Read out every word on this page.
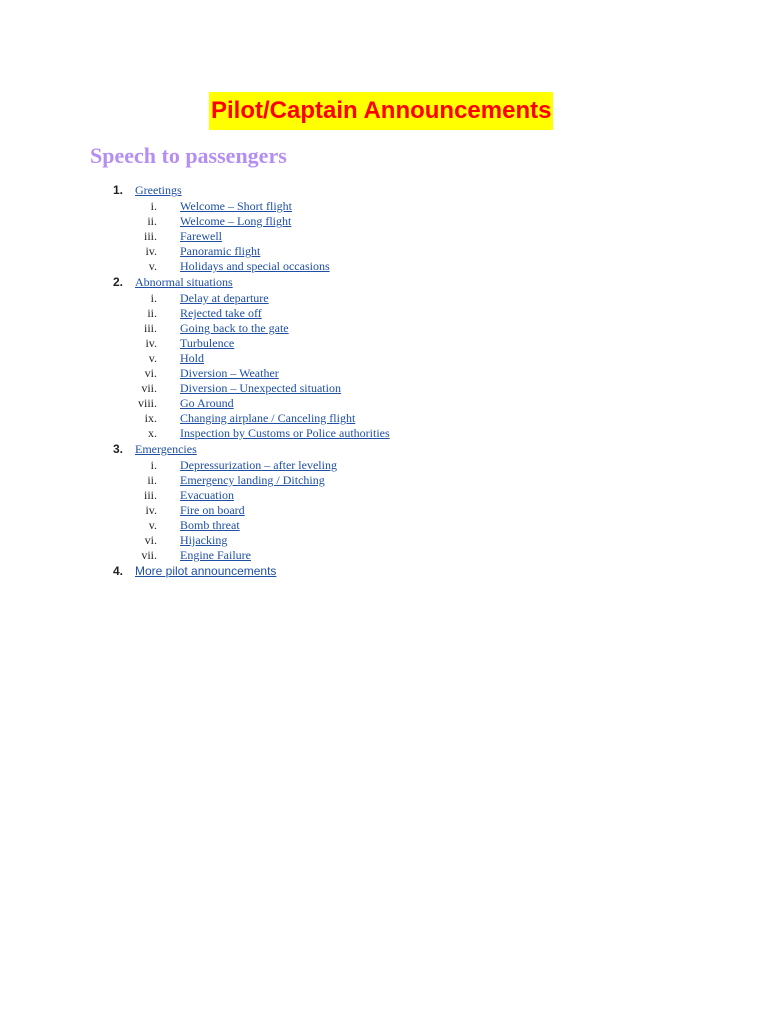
Pilot/Captain Announcements
Speech to passengers
1. Greetings
i. Welcome – Short flight
ii. Welcome – Long flight
iii. Farewell
iv. Panoramic flight
v. Holidays and special occasions
2. Abnormal situations
i. Delay at departure
ii. Rejected take off
iii. Going back to the gate
iv. Turbulence
v. Hold
vi. Diversion – Weather
vii. Diversion – Unexpected situation
viii. Go Around
ix. Changing airplane / Canceling flight
x. Inspection by Customs or Police authorities
3. Emergencies
i. Depressurization – after leveling
ii. Emergency landing / Ditching
iii. Evacuation
iv. Fire on board
v. Bomb threat
vi. Hijacking
vii. Engine Failure
4. More pilot announcements
